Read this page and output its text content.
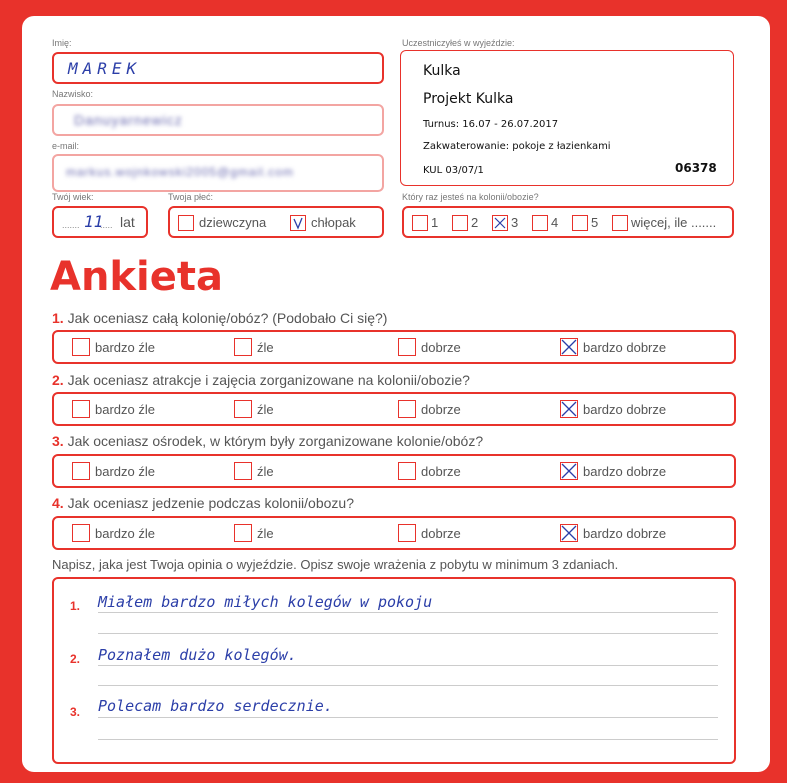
Imię:
MAREK
Nazwisko:
Danuyarnewicz
e-mail:
markus.wojnkowski2005@gmail.com
Twój wiek:
....... 11
..... lat
Twoja płeć:
dziewczyna	chłopak
Uczestniczyłeś w wyjeździe:
Kulka
Projekt Kulka
Turnus: 16.07 - 26.07.2017
Zakwaterowanie: pokoje z łazienkami
KUL 03/07/1	06378
Który raz jesteś na kolonii/obozie?
1	2	3	4	5	więcej, ile .......
Ankieta
1. Jak oceniasz całą kolonię/obóz? (Podobało Ci się?)
bardzo źle	źle	dobrze	bardzo dobrze
2. Jak oceniasz atrakcje i zajęcia zorganizowane na kolonii/obozie?
bardzo źle	źle	dobrze	bardzo dobrze
3. Jak oceniasz ośrodek, w którym były zorganizowane kolonie/obóz?
bardzo źle	źle	dobrze	bardzo dobrze
4. Jak oceniasz jedzenie podczas kolonii/obozu?
bardzo źle	źle	dobrze	bardzo dobrze
Napisz, jaka jest Twoja opinia o wyjeździe. Opisz swoje wrażenia z pobytu w minimum 3 zdaniach.
1. Miałem bardzo miłych kolegów w pokoju
2. Poznałem dużo kolegów.
3. Polecam bardzo serdecznie.
